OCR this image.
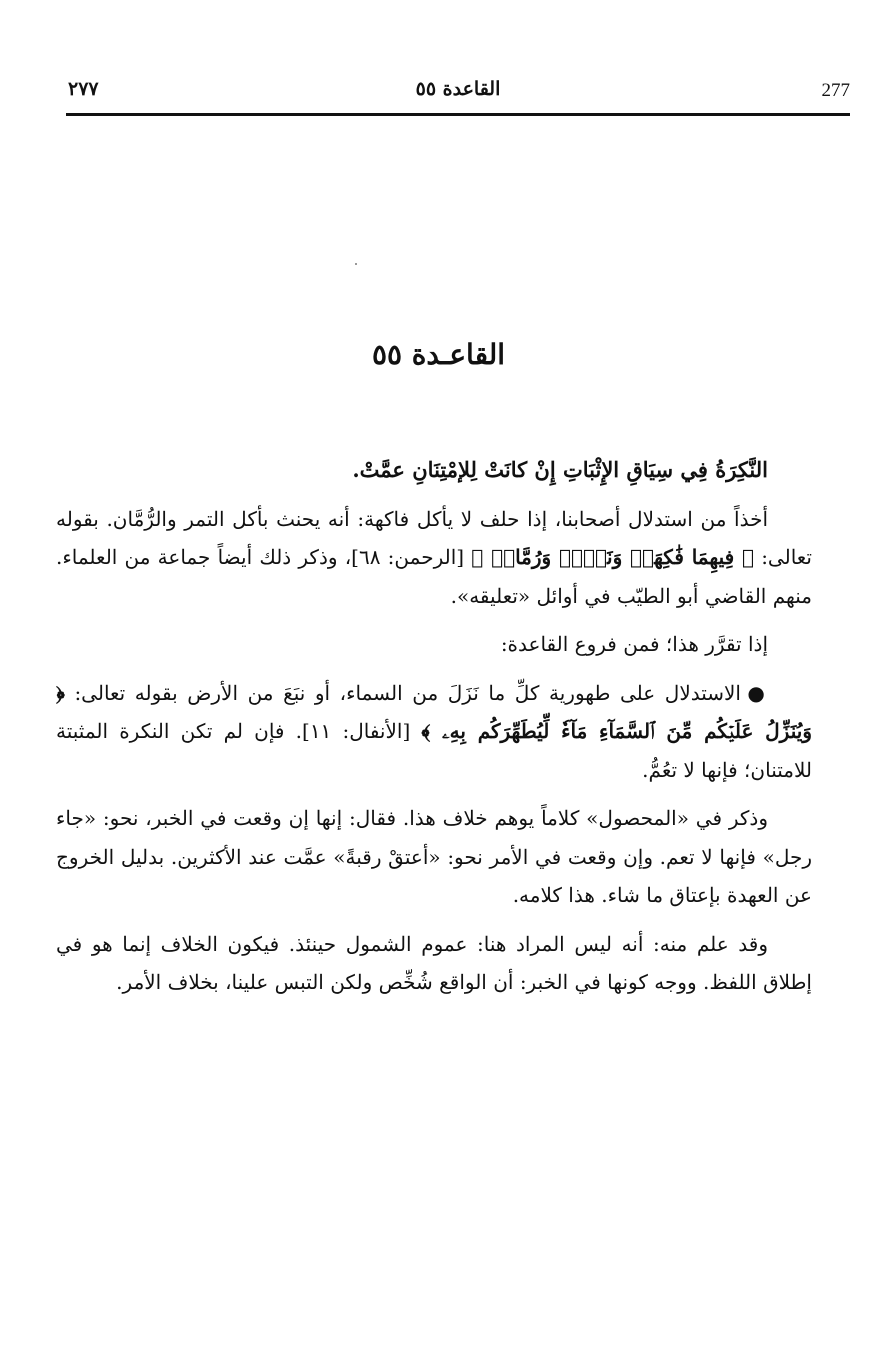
277
القاعدة ٥٥
٢٧٧
القاعـدة ٥٥

النَّكِرَةُ فِي سِيَاقِ الإِثْبَاتِ إِنْ كانَتْ لِلإمْتِنَانِ عمَّتْ.

أخذاً من استدلال أصحابنا، إذا حلف لا يأكل فاكهة: أنه يحنث بأكل التمر والرُّمَّان. بقوله تعالى: ﴿ فِيهِمَا فَٰكِهَةٞ وَنَخۡلٞ وَرُمَّانٞ ﴾ [الرحمن: ٦٨]، وذكر ذلك أيضاً جماعة من العلماء. منهم القاضي أبو الطيّب في أوائل «تعليقه».

إذا تقرَّر هذا؛ فمن فروع القاعدة:

● الاستدلال على طهورية كلِّ ما نَزَلَ من السماء، أو نبَعَ من الأرض بقوله تعالى: ﴿ وَيُنَزِّلُ عَلَيۡكُم مِّنَ ٱلسَّمَآءِ مَآءٗ لِّيُطَهِّرَكُم بِهِۦ ﴾ [الأنفال: ١١]. فإن لم تكن النكرة المثبتة للامتنان؛ فإنها لا تعُمُّ.

وذكر في «المحصول» كلاماً يوهم خلاف هذا. فقال: إنها إن وقعت في الخبر، نحو: «جاء رجل» فإنها لا تعم. وإن وقعت في الأمر نحو: «أعتقْ رقبةً» عمَّت عند الأكثرين. بدليل الخروج عن العهدة بإعتاق ما شاء. هذا كلامه.

وقد علم منه: أنه ليس المراد هنا: عموم الشمول حينئذ. فيكون الخلاف إنما هو في إطلاق اللفظ. ووجه كونها في الخبر: أن الواقع شُخِّص ولكن التبس علينا، بخلاف الأمر.
